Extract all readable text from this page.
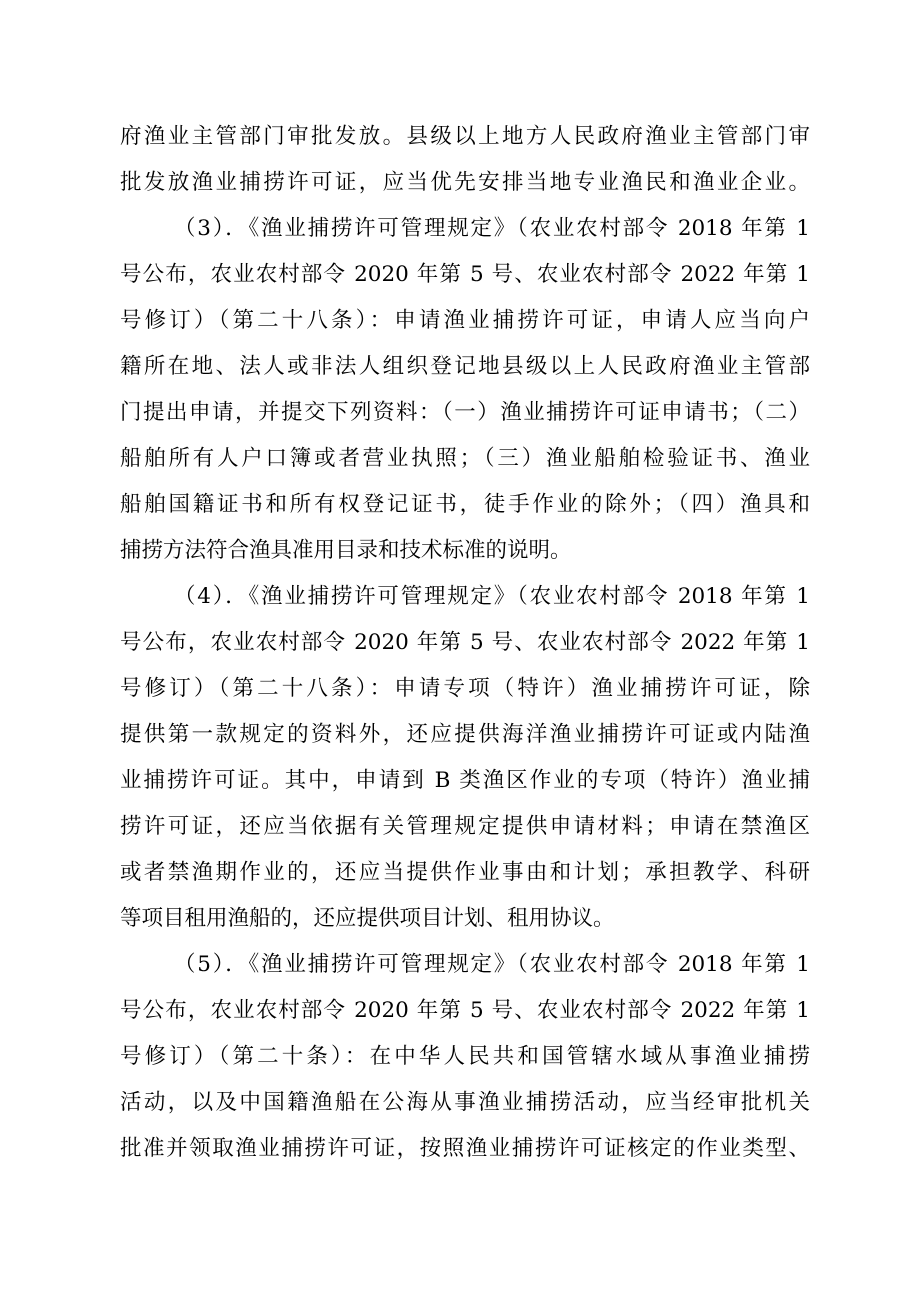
府渔业主管部门审批发放。县级以上地方人民政府渔业主管部门审
批发放渔业捕捞许可证，应当优先安排当地专业渔民和渔业企业。
（3）．《渔业捕捞许可管理规定》（农业农村部令 2018 年第 1
号公布，农业农村部令 2020 年第 5 号、农业农村部令 2022 年第 1
号修订）（第二十八条）：申请渔业捕捞许可证，申请人应当向户
籍所在地、法人或非法人组织登记地县级以上人民政府渔业主管部
门提出申请，并提交下列资料：（一）渔业捕捞许可证申请书；（二）
船舶所有人户口簿或者营业执照；（三）渔业船舶检验证书、渔业
船舶国籍证书和所有权登记证书，徒手作业的除外；（四）渔具和
捕捞方法符合渔具准用目录和技术标准的说明。
（4）．《渔业捕捞许可管理规定》（农业农村部令 2018 年第 1
号公布，农业农村部令 2020 年第 5 号、农业农村部令 2022 年第 1
号修订）（第二十八条）：申请专项（特许）渔业捕捞许可证，除
提供第一款规定的资料外，还应提供海洋渔业捕捞许可证或内陆渔
业捕捞许可证。其中，申请到 B 类渔区作业的专项（特许）渔业捕
捞许可证，还应当依据有关管理规定提供申请材料；申请在禁渔区
或者禁渔期作业的，还应当提供作业事由和计划；承担教学、科研
等项目租用渔船的，还应提供项目计划、租用协议。
（5）．《渔业捕捞许可管理规定》（农业农村部令 2018 年第 1
号公布，农业农村部令 2020 年第 5 号、农业农村部令 2022 年第 1
号修订）（第二十条）：在中华人民共和国管辖水域从事渔业捕捞
活动，以及中国籍渔船在公海从事渔业捕捞活动，应当经审批机关
批准并领取渔业捕捞许可证，按照渔业捕捞许可证核定的作业类型、
